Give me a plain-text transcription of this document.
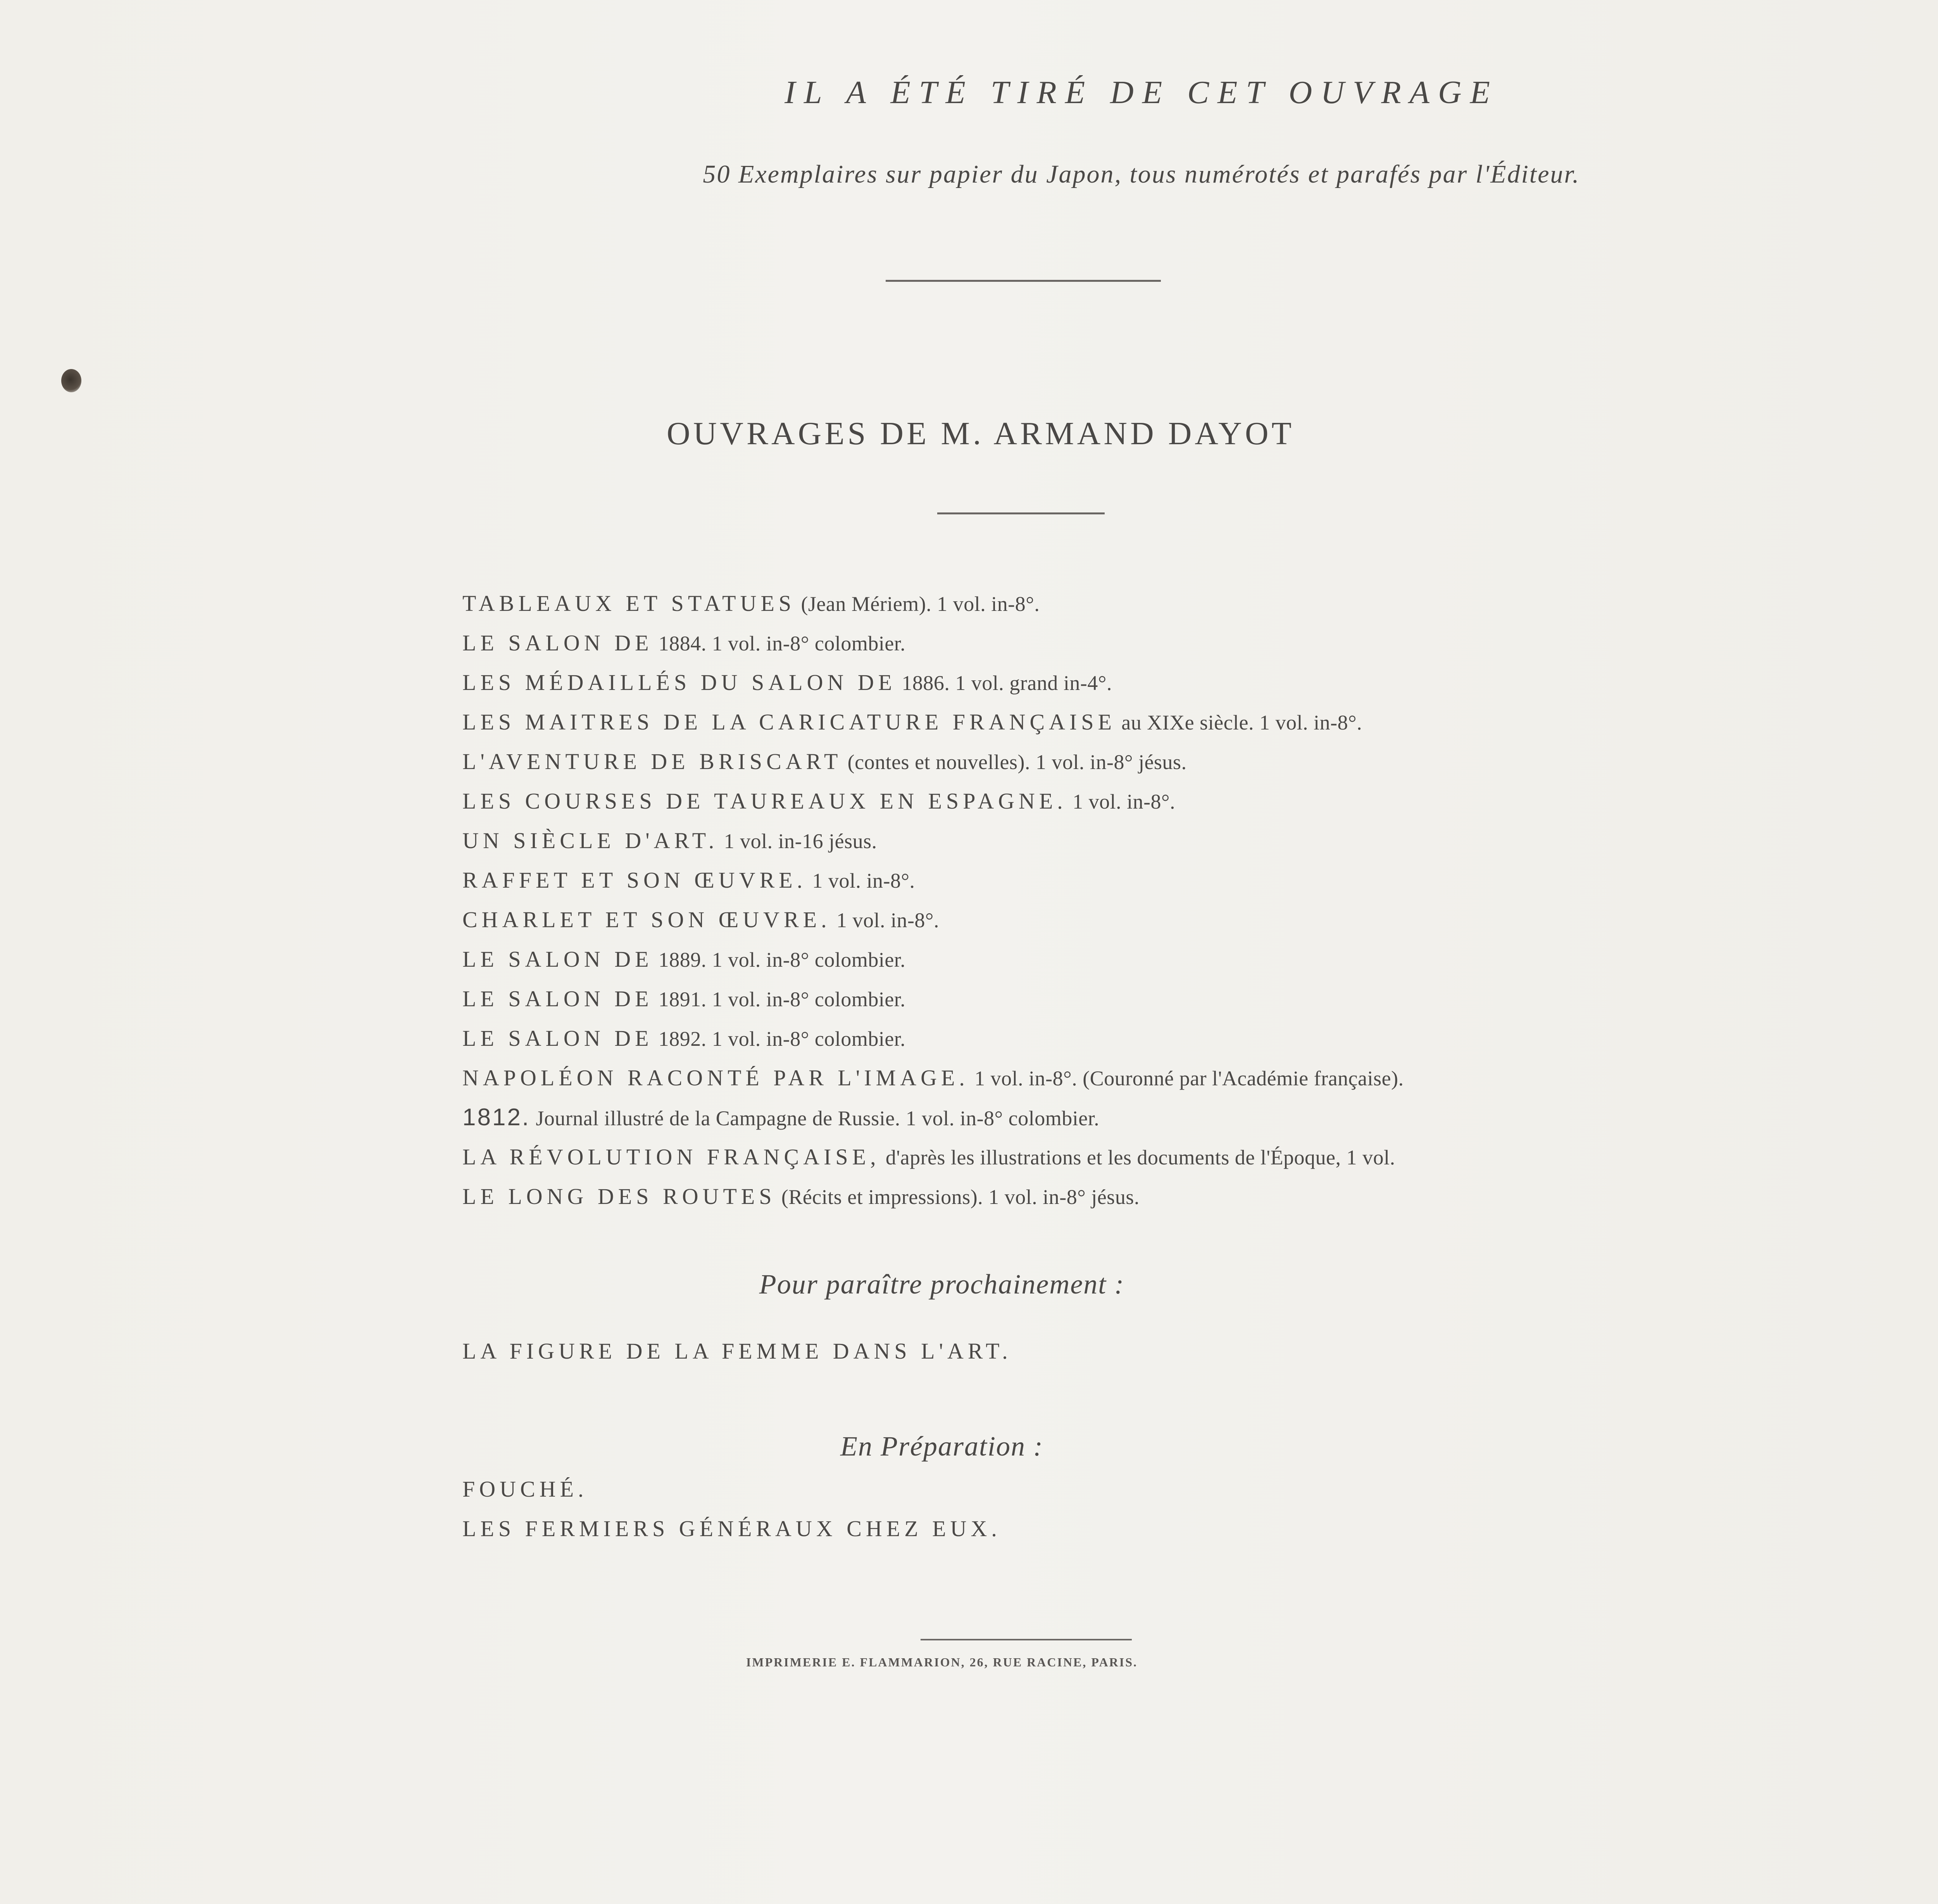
IL A ÉTÉ TIRÉ DE CET OUVRAGE
50 Exemplaires sur papier du Japon, tous numérotés et parafés par l'Éditeur.
OUVRAGES DE M. ARMAND DAYOT
TABLEAUX ET STATUES (Jean Mériem). 1 vol. in-8°.
LE SALON DE 1884. 1 vol. in-8° colombier.
LES MÉDAILLÉS DU SALON DE 1886. 1 vol. grand in-4°.
LES MAITRES DE LA CARICATURE FRANÇAISE au XIXe siècle. 1 vol. in-8°.
L'AVENTURE DE BRISCART (contes et nouvelles). 1 vol. in-8° jésus.
LES COURSES DE TAUREAUX EN ESPAGNE. 1 vol. in-8°.
UN SIÈCLE D'ART. 1 vol. in-16 jésus.
RAFFET ET SON ŒUVRE. 1 vol. in-8°.
CHARLET ET SON ŒUVRE. 1 vol. in-8°.
LE SALON DE 1889. 1 vol. in-8° colombier.
LE SALON DE 1891. 1 vol. in-8° colombier.
LE SALON DE 1892. 1 vol. in-8° colombier.
NAPOLÉON RACONTÉ PAR L'IMAGE. 1 vol. in-8°. (Couronné par l'Académie française).
1812. Journal illustré de la Campagne de Russie. 1 vol. in-8° colombier.
LA RÉVOLUTION FRANÇAISE, d'après les illustrations et les documents de l'Époque, 1 vol.
LE LONG DES ROUTES (Récits et impressions). 1 vol. in-8° jésus.
Pour paraître prochainement :
LA FIGURE DE LA FEMME DANS L'ART.
En Préparation :
FOUCHÉ.
LES FERMIERS GÉNÉRAUX CHEZ EUX.
IMPRIMERIE E. FLAMMARION, 26, RUE RACINE, PARIS.
